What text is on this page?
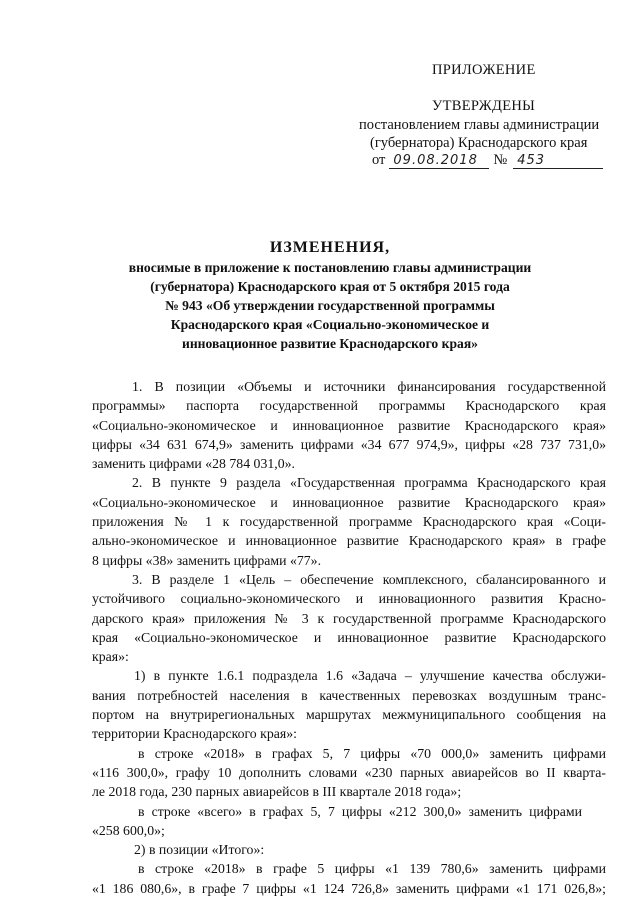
ПРИЛОЖЕНИЕ
УТВЕРЖДЕНЫ
постановлением главы администрации
(губернатора) Краснодарского края
от 09.08.2018	№ 453
ИЗМЕНЕНИЯ,
вносимые в приложение к постановлению главы администрации
(губернатора) Краснодарского края от 5 октября 2015 года
№ 943 «Об утверждении государственной программы
Краснодарского края «Социально-экономическое и
инновационное развитие Краснодарского края»
1. В позиции «Объемы и источники финансирования государственной
программы» паспорта государственной программы Краснодарского края
«Социально-экономическое и инновационное развитие Краснодарского края»
цифры «34 631 674,9» заменить цифрами «34 677 974,9», цифры «28 737 731,0»
заменить цифрами «28 784 031,0».
2. В пункте 9 раздела «Государственная программа Краснодарского края
«Социально-экономическое и инновационное развитие Краснодарского края»
приложения № 1 к государственной программе Краснодарского края «Соци-
ально-экономическое и инновационное развитие Краснодарского края» в графе
8 цифры «38» заменить цифрами «77».
3. В разделе 1 «Цель – обеспечение комплексного, сбалансированного и
устойчивого социально-экономического и инновационного развития Красно-
дарского края» приложения № 3 к государственной программе Краснодарского
края «Социально-экономическое и инновационное развитие Краснодарского
края»:
1) в пункте 1.6.1 подраздела 1.6 «Задача – улучшение качества обслужи-
вания потребностей населения в качественных перевозках воздушным транс-
портом на внутрирегиональных маршрутах межмуниципального сообщения на
территории Краснодарского края»:
в строке «2018» в графах 5, 7 цифры «70 000,0» заменить цифрами
«116 300,0», графу 10 дополнить словами «230 парных авиарейсов во II кварта-
ле 2018 года, 230 парных авиарейсов в III квартале 2018 года»;
в строке «всего» в графах 5, 7 цифры «212 300,0» заменить цифрами
«258 600,0»;
2) в позиции «Итого»:
в строке «2018» в графе 5 цифры «1 139 780,6» заменить цифрами
«1 186 080,6», в графе 7 цифры «1 124 726,8» заменить цифрами «1 171 026,8»;
